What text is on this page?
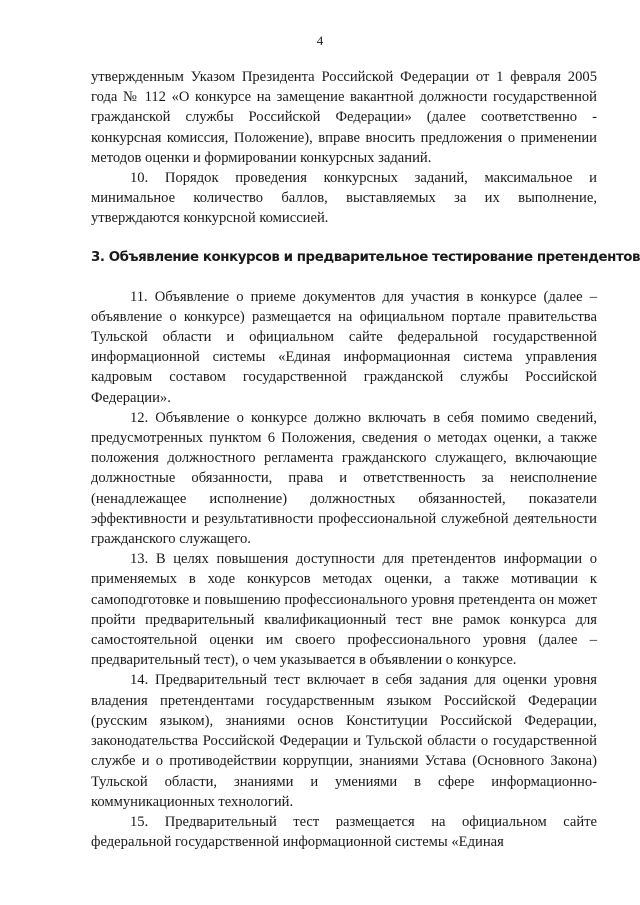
4

утвержденным Указом Президента Российской Федерации от 1 февраля 2005 года № 112 «О конкурсе на замещение вакантной должности государственной гражданской службы Российской Федерации» (далее соответственно - конкурсная комиссия, Положение), вправе вносить предложения о применении методов оценки и формировании конкурсных заданий.

10. Порядок проведения конкурсных заданий, максимальное и минимальное количество баллов, выставляемых за их выполнение, утверждаются конкурсной комиссией.

3. Объявление конкурсов и предварительное тестирование претендентов

11. Объявление о приеме документов для участия в конкурсе (далее – объявление о конкурсе) размещается на официальном портале правительства Тульской области и официальном сайте федеральной государственной информационной системы «Единая информационная система управления кадровым составом государственной гражданской службы Российской Федерации».

12. Объявление о конкурсе должно включать в себя помимо сведений, предусмотренных пунктом 6 Положения, сведения о методах оценки, а также положения должностного регламента гражданского служащего, включающие должностные обязанности, права и ответственность за неисполнение (ненадлежащее исполнение) должностных обязанностей, показатели эффективности и результативности профессиональной служебной деятельности гражданского служащего.

13. В целях повышения доступности для претендентов информации о применяемых в ходе конкурсов методах оценки, а также мотивации к самоподготовке и повышению профессионального уровня претендента он может пройти предварительный квалификационный тест вне рамок конкурса для самостоятельной оценки им своего профессионального уровня (далее – предварительный тест), о чем указывается в объявлении о конкурсе.

14. Предварительный тест включает в себя задания для оценки уровня владения претендентами государственным языком Российской Федерации (русским языком), знаниями основ Конституции Российской Федерации, законодательства Российской Федерации и Тульской области о государственной службе и о противодействии коррупции, знаниями Устава (Основного Закона) Тульской области, знаниями и умениями в сфере информационно-коммуникационных технологий.

15. Предварительный тест размещается на официальном сайте федеральной государственной информационной системы «Единая
